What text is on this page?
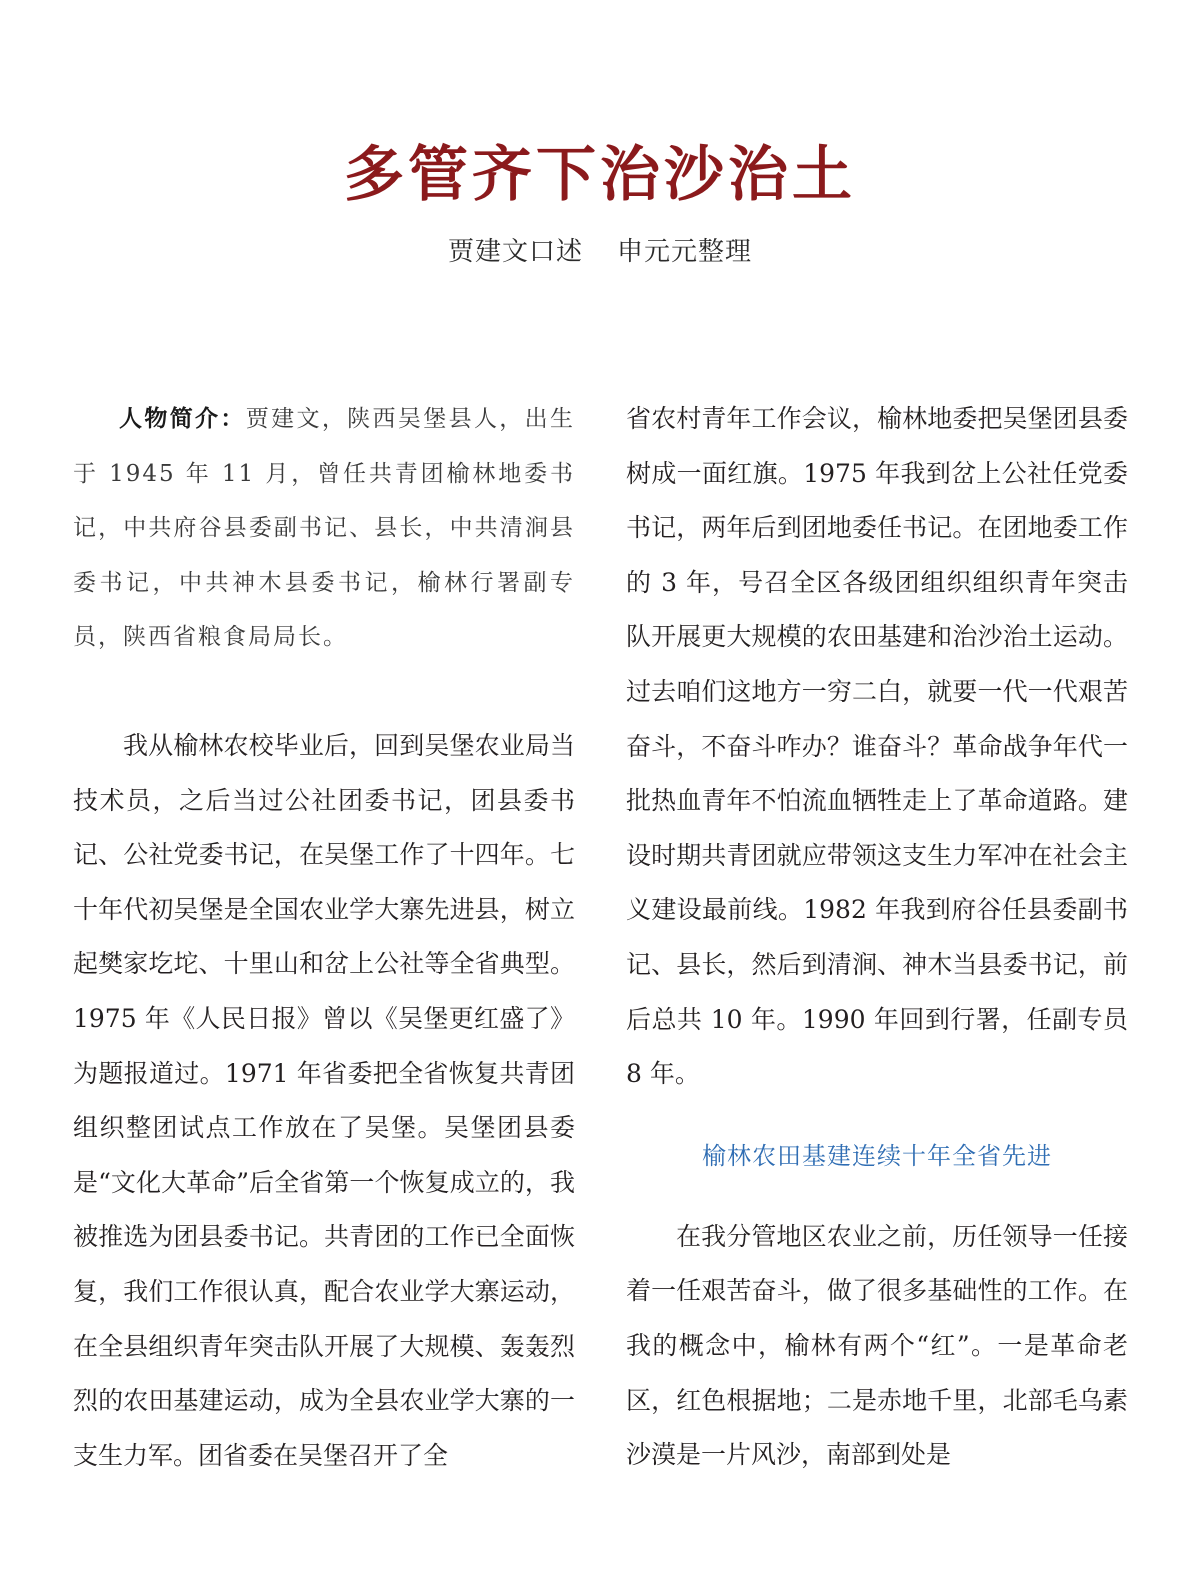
多管齐下治沙治土
贾建文口述 申元元整理

人物简介：贾建文，陕西吴堡县人，出生于 1945 年 11 月，曾任共青团榆林地委书记，中共府谷县委副书记、县长，中共清涧县委书记，中共神木县委书记，榆林行署副专员，陕西省粮食局局长。

我从榆林农校毕业后，回到吴堡农业局当技术员，之后当过公社团委书记，团县委书记、公社党委书记，在吴堡工作了十四年。七十年代初吴堡是全国农业学大寨先进县，树立起樊家圪坨、十里山和岔上公社等全省典型。1975 年《人民日报》曾以《吴堡更红盛了》为题报道过。1971 年省委把全省恢复共青团组织整团试点工作放在了吴堡。吴堡团县委是“文化大革命”后全省第一个恢复成立的，我被推选为团县委书记。共青团的工作已全面恢复，我们工作很认真，配合农业学大寨运动，在全县组织青年突击队开展了大规模、轰轰烈烈的农田基建运动，成为全县农业学大寨的一支生力军。团省委在吴堡召开了全

省农村青年工作会议，榆林地委把吴堡团县委树成一面红旗。1975 年我到岔上公社任党委书记，两年后到团地委任书记。在团地委工作的 3 年，号召全区各级团组织组织青年突击队开展更大规模的农田基建和治沙治土运动。过去咱们这地方一穷二白，就要一代一代艰苦奋斗，不奋斗咋办？谁奋斗？革命战争年代一批热血青年不怕流血牺牲走上了革命道路。建设时期共青团就应带领这支生力军冲在社会主义建设最前线。1982 年我到府谷任县委副书记、县长，然后到清涧、神木当县委书记，前后总共 10 年。1990 年回到行署，任副专员 8 年。

榆林农田基建连续十年全省先进

在我分管地区农业之前，历任领导一任接着一任艰苦奋斗，做了很多基础性的工作。在我的概念中，榆林有两个“红”。一是革命老区，红色根据地；二是赤地千里，北部毛乌素沙漠是一片风沙，南部到处是
